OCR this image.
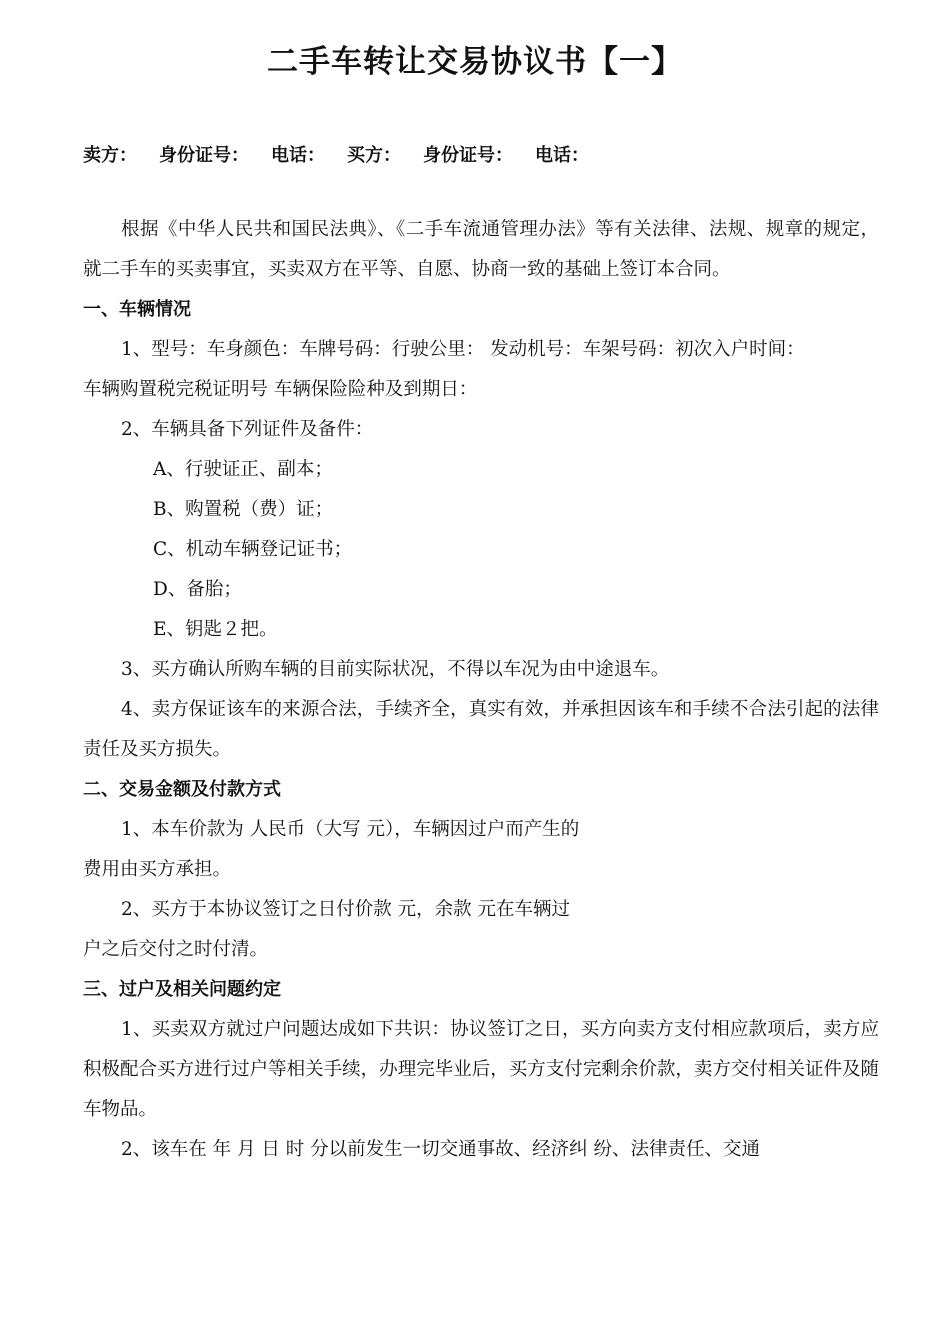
二手车转让交易协议书【一】
卖方： 身份证号： 电话： 买方： 身份证号： 电话：

根据《中华人民共和国民法典》、《二手车流通管理办法》等有关法律、法规、规章的规定，就二手车的买卖事宜，买卖双方在平等、自愿、协商一致的基础上签订本合同。

一、车辆情况

1、型号：车身颜色：车牌号码：行驶公里： 发动机号：车架号码：初次入户时间：

车辆购置税完税证明号 车辆保险险种及到期日：

2、车辆具备下列证件及备件：

A、行驶证正、副本；

B、购置税（费）证；

C、机动车辆登记证书；

D、备胎；

E、钥匙２把。

3、买方确认所购车辆的目前实际状况，不得以车况为由中途退车。

4、卖方保证该车的来源合法，手续齐全，真实有效，并承担因该车和手续不合法引起的法律责任及买方损失。

二、交易金额及付款方式

1、本车价款为 人民币（大写 元），车辆因过户而产生的

费用由买方承担。

2、买方于本协议签订之日付价款 元，余款 元在车辆过

户之后交付之时付清。

三、过户及相关问题约定

1、买卖双方就过户问题达成如下共识：协议签订之日，买方向卖方支付相应款项后，卖方应积极配合买方进行过户等相关手续，办理完毕业后，买方支付完剩余价款，卖方交付相关证件及随车物品。

2、该车在 年 月 日 时 分以前发生一切交通事故、经济纠 纷、法律责任、交通
